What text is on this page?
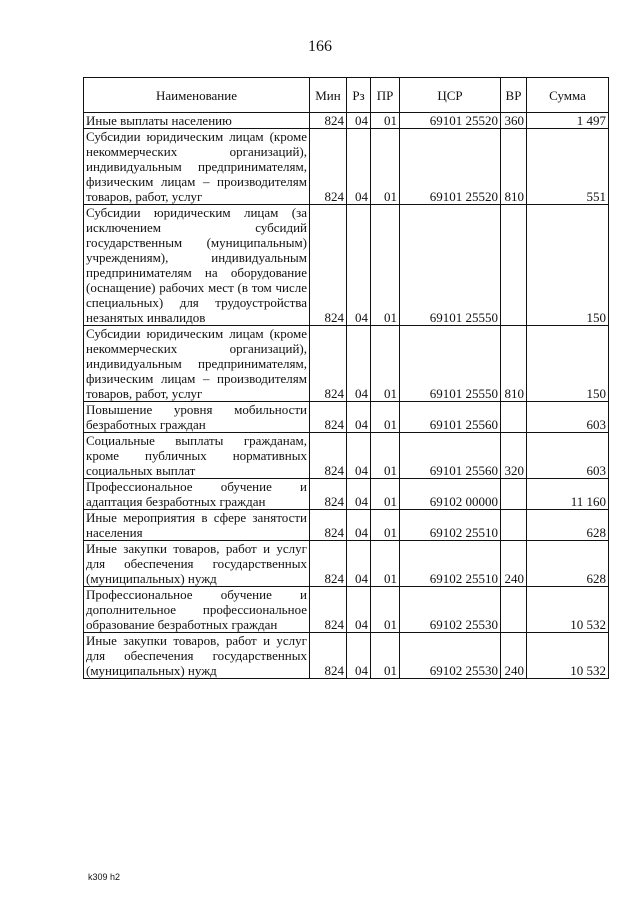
166
Наименование	Мин	Рз	ПР	ЦСР	ВР	Сумма
Иные выплаты населению	824	04	01	69101 25520	360	1 497
Субсидии юридическим лицам (кроме некоммерческих организаций), индивидуальным предпринимателям, физическим лицам – производителям товаров, работ, услуг	824	04	01	69101 25520	810	551
Субсидии юридическим лицам (за исключением субсидий государственным (муниципальным) учреждениям), индивидуальным предпринимателям на оборудование (оснащение) рабочих мест (в том числе специальных) для трудоустройства незанятых инвалидов	824	04	01	69101 25550		150
Субсидии юридическим лицам (кроме некоммерческих организаций), индивидуальным предпринимателям, физическим лицам – производителям товаров, работ, услуг	824	04	01	69101 25550	810	150
Повышение уровня мобильности безработных граждан	824	04	01	69101 25560		603
Социальные выплаты гражданам, кроме публичных нормативных социальных выплат	824	04	01	69101 25560	320	603
Профессиональное обучение и адаптация безработных граждан	824	04	01	69102 00000		11 160
Иные мероприятия в сфере занятости населения	824	04	01	69102 25510		628
Иные закупки товаров, работ и услуг для обеспечения государственных (муниципальных) нужд	824	04	01	69102 25510	240	628
Профессиональное обучение и дополнительное профессиональное образование безработных граждан	824	04	01	69102 25530		10 532
Иные закупки товаров, работ и услуг для обеспечения государственных (муниципальных) нужд	824	04	01	69102 25530	240	10 532
k309 h2
